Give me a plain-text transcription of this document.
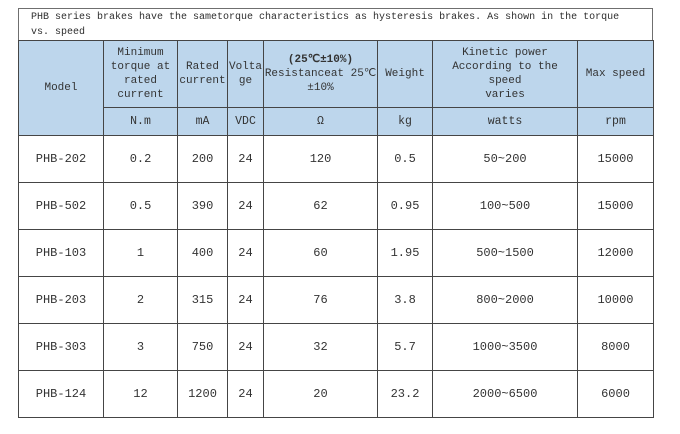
PHB series brakes have the sametorque characteristics as hysteresis brakes. As shown in the torque
vs. speed
Model	Minimum
torque at
rated
current	Rated
current	Volta
ge	(25℃±10%)
Resistanceat 25℃
±10%	Weight	Kinetic power
According to the speed
varies	Max speed

	N.m	mA	VDC	Ω	kg	watts	rpm
PHB-202	0.2	200	24	120	0.5	50~200	15000
PHB-502	0.5	390	24	62	0.95	100~500	15000
PHB-103	1	400	24	60	1.95	500~1500	12000
PHB-203	2	315	24	76	3.8	800~2000	10000
PHB-303	3	750	24	32	5.7	1000~3500	8000
PHB-124	12	1200	24	20	23.2	2000~6500	6000
